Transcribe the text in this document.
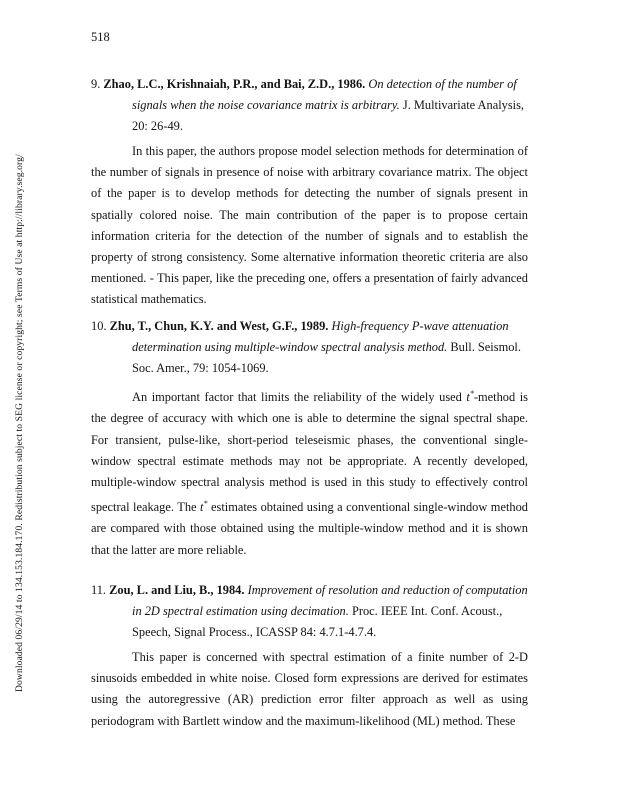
518
Downloaded 06/29/14 to 134.153.184.170. Redistribution subject to SEG license or copyright; see Terms of Use at http://library.seg.org/

9. Zhao, L.C., Krishnaiah, P.R., and Bai, Z.D., 1986. On detection of the number of
signals when the noise covariance matrix is arbitrary. J. Multivariate Analysis,
20: 26-49.

In this paper, the authors propose model selection methods for determination of the number of signals in presence of noise with arbitrary covariance matrix. The object of the paper is to develop methods for detecting the number of signals present in spatially colored noise. The main contribution of the paper is to propose certain information criteria for the detection of the number of signals and to establish the property of strong consistency. Some alternative information theoretic criteria are also mentioned. - This paper, like the preceding one, offers a presentation of fairly advanced statistical mathematics.

10. Zhu, T., Chun, K.Y. and West, G.F., 1989. High-frequency P-wave attenuation
determination using multiple-window spectral analysis method. Bull. Seismol.
Soc. Amer., 79: 1054-1069.

An important factor that limits the reliability of the widely used t*-method is the degree of accuracy with which one is able to determine the signal spectral shape. For transient, pulse-like, short-period teleseismic phases, the conventional single-window spectral estimate methods may not be appropriate. A recently developed, multiple-window spectral analysis method is used in this study to effectively control spectral leakage. The t* estimates obtained using a conventional single-window method are compared with those obtained using the multiple-window method and it is shown that the latter are more reliable.

11. Zou, L. and Liu, B., 1984. Improvement of resolution and reduction of computation
in 2D spectral estimation using decimation. Proc. IEEE Int. Conf. Acoust.,
Speech, Signal Process., ICASSP 84: 4.7.1-4.7.4.

This paper is concerned with spectral estimation of a finite number of 2-D sinusoids embedded in white noise. Closed form expressions are derived for estimates using the autoregressive (AR) prediction error filter approach as well as using periodogram with Bartlett window and the maximum-likelihood (ML) method. These
